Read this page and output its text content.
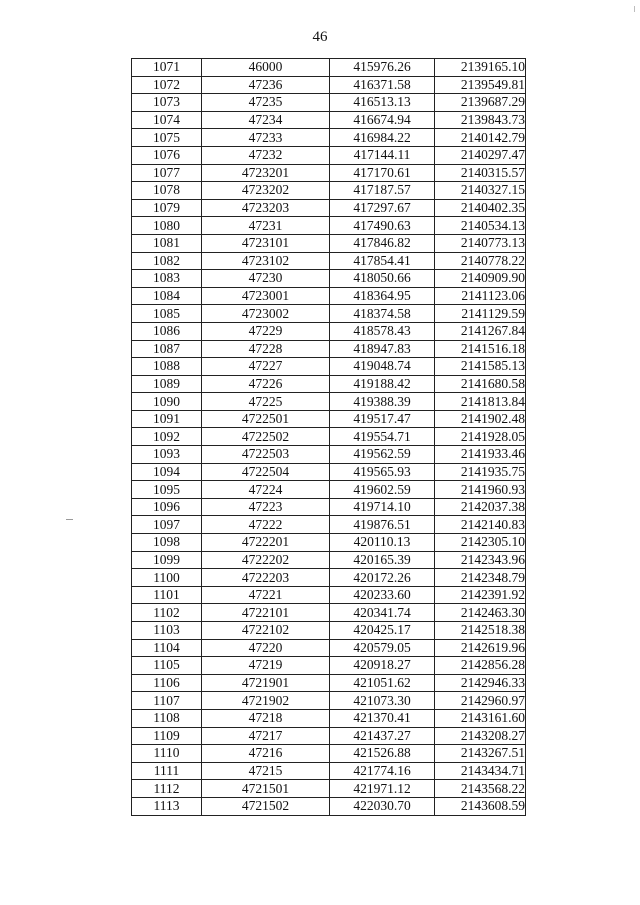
46
1071	46000	415976.26	2139165.10
1072	47236	416371.58	2139549.81
1073	47235	416513.13	2139687.29
1074	47234	416674.94	2139843.73
1075	47233	416984.22	2140142.79
1076	47232	417144.11	2140297.47
1077	4723201	417170.61	2140315.57
1078	4723202	417187.57	2140327.15
1079	4723203	417297.67	2140402.35
1080	47231	417490.63	2140534.13
1081	4723101	417846.82	2140773.13
1082	4723102	417854.41	2140778.22
1083	47230	418050.66	2140909.90
1084	4723001	418364.95	2141123.06
1085	4723002	418374.58	2141129.59
1086	47229	418578.43	2141267.84
1087	47228	418947.83	2141516.18
1088	47227	419048.74	2141585.13
1089	47226	419188.42	2141680.58
1090	47225	419388.39	2141813.84
1091	4722501	419517.47	2141902.48
1092	4722502	419554.71	2141928.05
1093	4722503	419562.59	2141933.46
1094	4722504	419565.93	2141935.75
1095	47224	419602.59	2141960.93
1096	47223	419714.10	2142037.38
1097	47222	419876.51	2142140.83
1098	4722201	420110.13	2142305.10
1099	4722202	420165.39	2142343.96
1100	4722203	420172.26	2142348.79
1101	47221	420233.60	2142391.92
1102	4722101	420341.74	2142463.30
1103	4722102	420425.17	2142518.38
1104	47220	420579.05	2142619.96
1105	47219	420918.27	2142856.28
1106	4721901	421051.62	2142946.33
1107	4721902	421073.30	2142960.97
1108	47218	421370.41	2143161.60
1109	47217	421437.27	2143208.27
1110	47216	421526.88	2143267.51
1111	47215	421774.16	2143434.71
1112	4721501	421971.12	2143568.22
1113	4721502	422030.70	2143608.59
